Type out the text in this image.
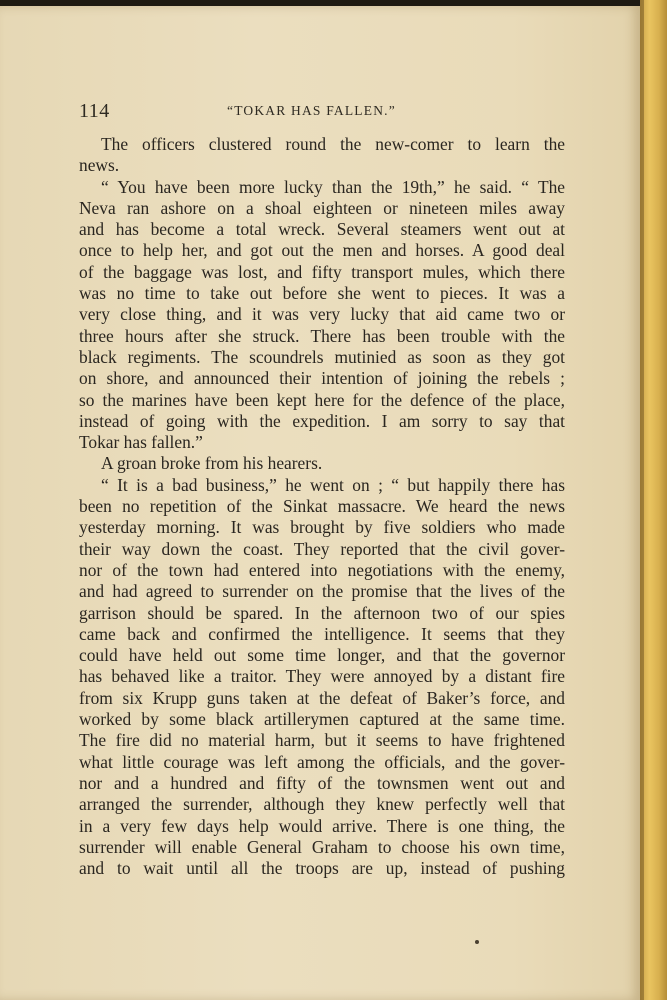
114	“TOKAR HAS FALLEN.”
The officers clustered round the new-comer to learn the
news.
“ You have been more lucky than the 19th,” he said. “ The
Neva ran ashore on a shoal eighteen or nineteen miles away
and has become a total wreck. Several steamers went out at
once to help her, and got out the men and horses. A good deal
of the baggage was lost, and fifty transport mules, which there
was no time to take out before she went to pieces. It was a
very close thing, and it was very lucky that aid came two or
three hours after she struck. There has been trouble with the
black regiments. The scoundrels mutinied as soon as they got
on shore, and announced their intention of joining the rebels ;
so the marines have been kept here for the defence of the place,
instead of going with the expedition. I am sorry to say that
Tokar has fallen.”
A groan broke from his hearers.
“ It is a bad business,” he went on ; “ but happily there has
been no repetition of the Sinkat massacre. We heard the news
yesterday morning. It was brought by five soldiers who made
their way down the coast. They reported that the civil gover-
nor of the town had entered into negotiations with the enemy,
and had agreed to surrender on the promise that the lives of the
garrison should be spared. In the afternoon two of our spies
came back and confirmed the intelligence. It seems that they
could have held out some time longer, and that the governor
has behaved like a traitor. They were annoyed by a distant fire
from six Krupp guns taken at the defeat of Baker’s force, and
worked by some black artillerymen captured at the same time.
The fire did no material harm, but it seems to have frightened
what little courage was left among the officials, and the gover-
nor and a hundred and fifty of the townsmen went out and
arranged the surrender, although they knew perfectly well that
in a very few days help would arrive. There is one thing, the
surrender will enable General Graham to choose his own time,
and to wait until all the troops are up, instead of pushing
